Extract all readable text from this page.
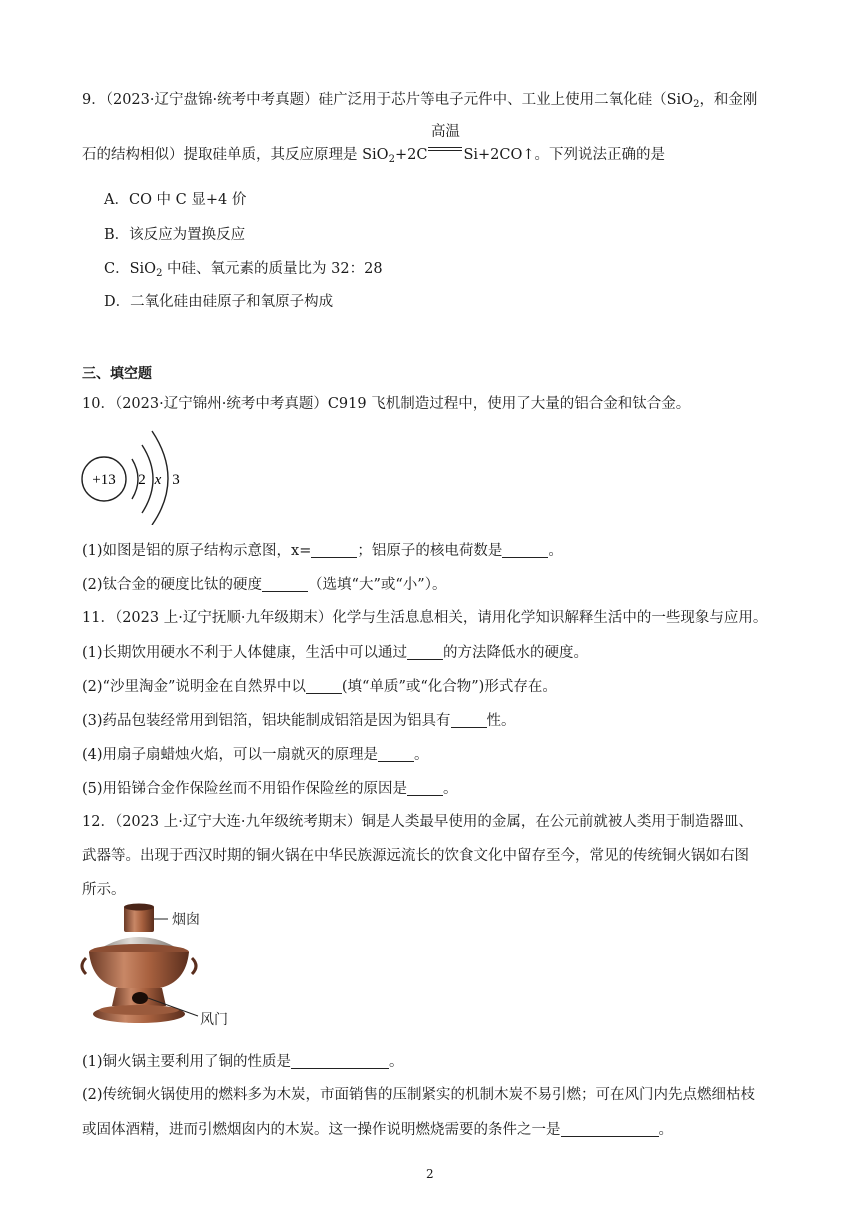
9．（2023·辽宁盘锦·统考中考真题）硅广泛用于芯片等电子元件中、工业上使用二氧化硅（SiO$_2$，和金刚
石的结构相似）提取硅单质，其反应原理是 SiO$_2$+2C
高温
Si+2CO↑。下列说法正确的是
A．CO 中 C 显+4 价
B．该反应为置换反应
C．SiO$_2$ 中硅、氧元素的质量比为 32：28
D．二氧化硅由硅原子和氧原子构成
三、填空题
10．（2023·辽宁锦州·统考中考真题）C919 飞机制造过程中，使用了大量的铝合金和钛合金。
+13 2 x 3
(1)如图是铝的原子结构示意图，x=	；铝原子的核电荷数是	。
(2)钛合金的硬度比钛的硬度	（选填“大”或“小”）。
11．（2023 上·辽宁抚顺·九年级期末）化学与生活息息相关，请用化学知识解释生活中的一些现象与应用。
(1)长期饮用硬水不利于人体健康，生活中可以通过 的方法降低水的硬度。
(2)“沙里淘金”说明金在自然界中以 (填“单质”或“化合物”)形式存在。
(3)药品包装经常用到铝箔，铝块能制成铝箔是因为铝具有 性。
(4)用扇子扇蜡烛火焰，可以一扇就灭的原理是 。
(5)用铅锑合金作保险丝而不用铅作保险丝的原因是 。
12．（2023 上·辽宁大连·九年级统考期末）铜是人类最早使用的金属，在公元前就被人类用于制造器皿、
武器等。出现于西汉时期的铜火锅在中华民族源远流长的饮食文化中留存至今，常见的传统铜火锅如右图
所示。
烟囱
风门
(1)铜火锅主要利用了铜的性质是	。
(2)传统铜火锅使用的燃料多为木炭，市面销售的压制紧实的机制木炭不易引燃；可在风门内先点燃细枯枝
或固体酒精，进而引燃烟囱内的木炭。这一操作说明燃烧需要的条件之一是	。
2
